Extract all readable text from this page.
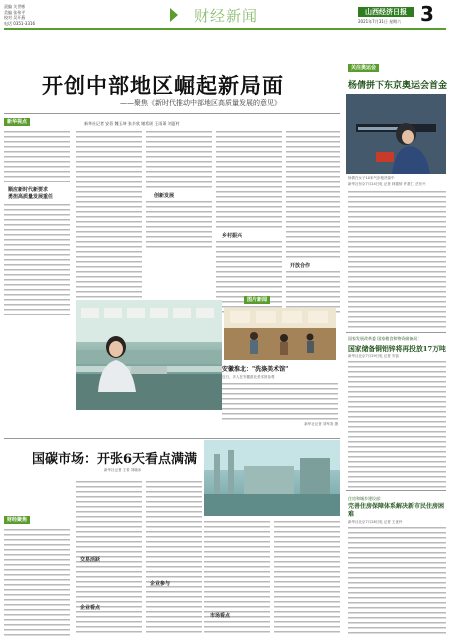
责编 关世彬
美编 张伟平
校对 吴开燕
电话 0351-3316	财经新闻	山西经济日报 3
2021年7月31日 星期六
开创中部地区崛起新局面
——聚焦《新时代推动中部地区高质量发展的意见》
新华视点
顺应新时代新要求
勇担高质量发展重任
新华社记者 安蓓 魏玉坤 张辛欣 谢希瑶 王雨萧 刘夏村
创新发展
乡村振兴
开放合作
图片新闻
安徽淮北："洗涤美术馆"
近日，多人在安徽淮北美术馆参观
新华社记者 刘军喜 摄
关注奥运会
杨倩拼下东京奥运会首金
杨倩在女子10米气步枪决赛中
新华社东京7月24日电 记者 林德韧 许基仁 岳东兴
国家发展改革委 国家粮食和物资储备局：
国家储备铜铝锌将再投放17万吨
新华社北京7月29日电 记者 安蓓
国碳市场：开张6天看点满满
新华社记者 王希 刘晓冰
财经聚焦
交易活跃
企业参与
市场看点
企业看点
住房和城乡建设部：
完善住房保障体系解决新市民住房困难
新华社北京7月28日电 记者 王优玲
